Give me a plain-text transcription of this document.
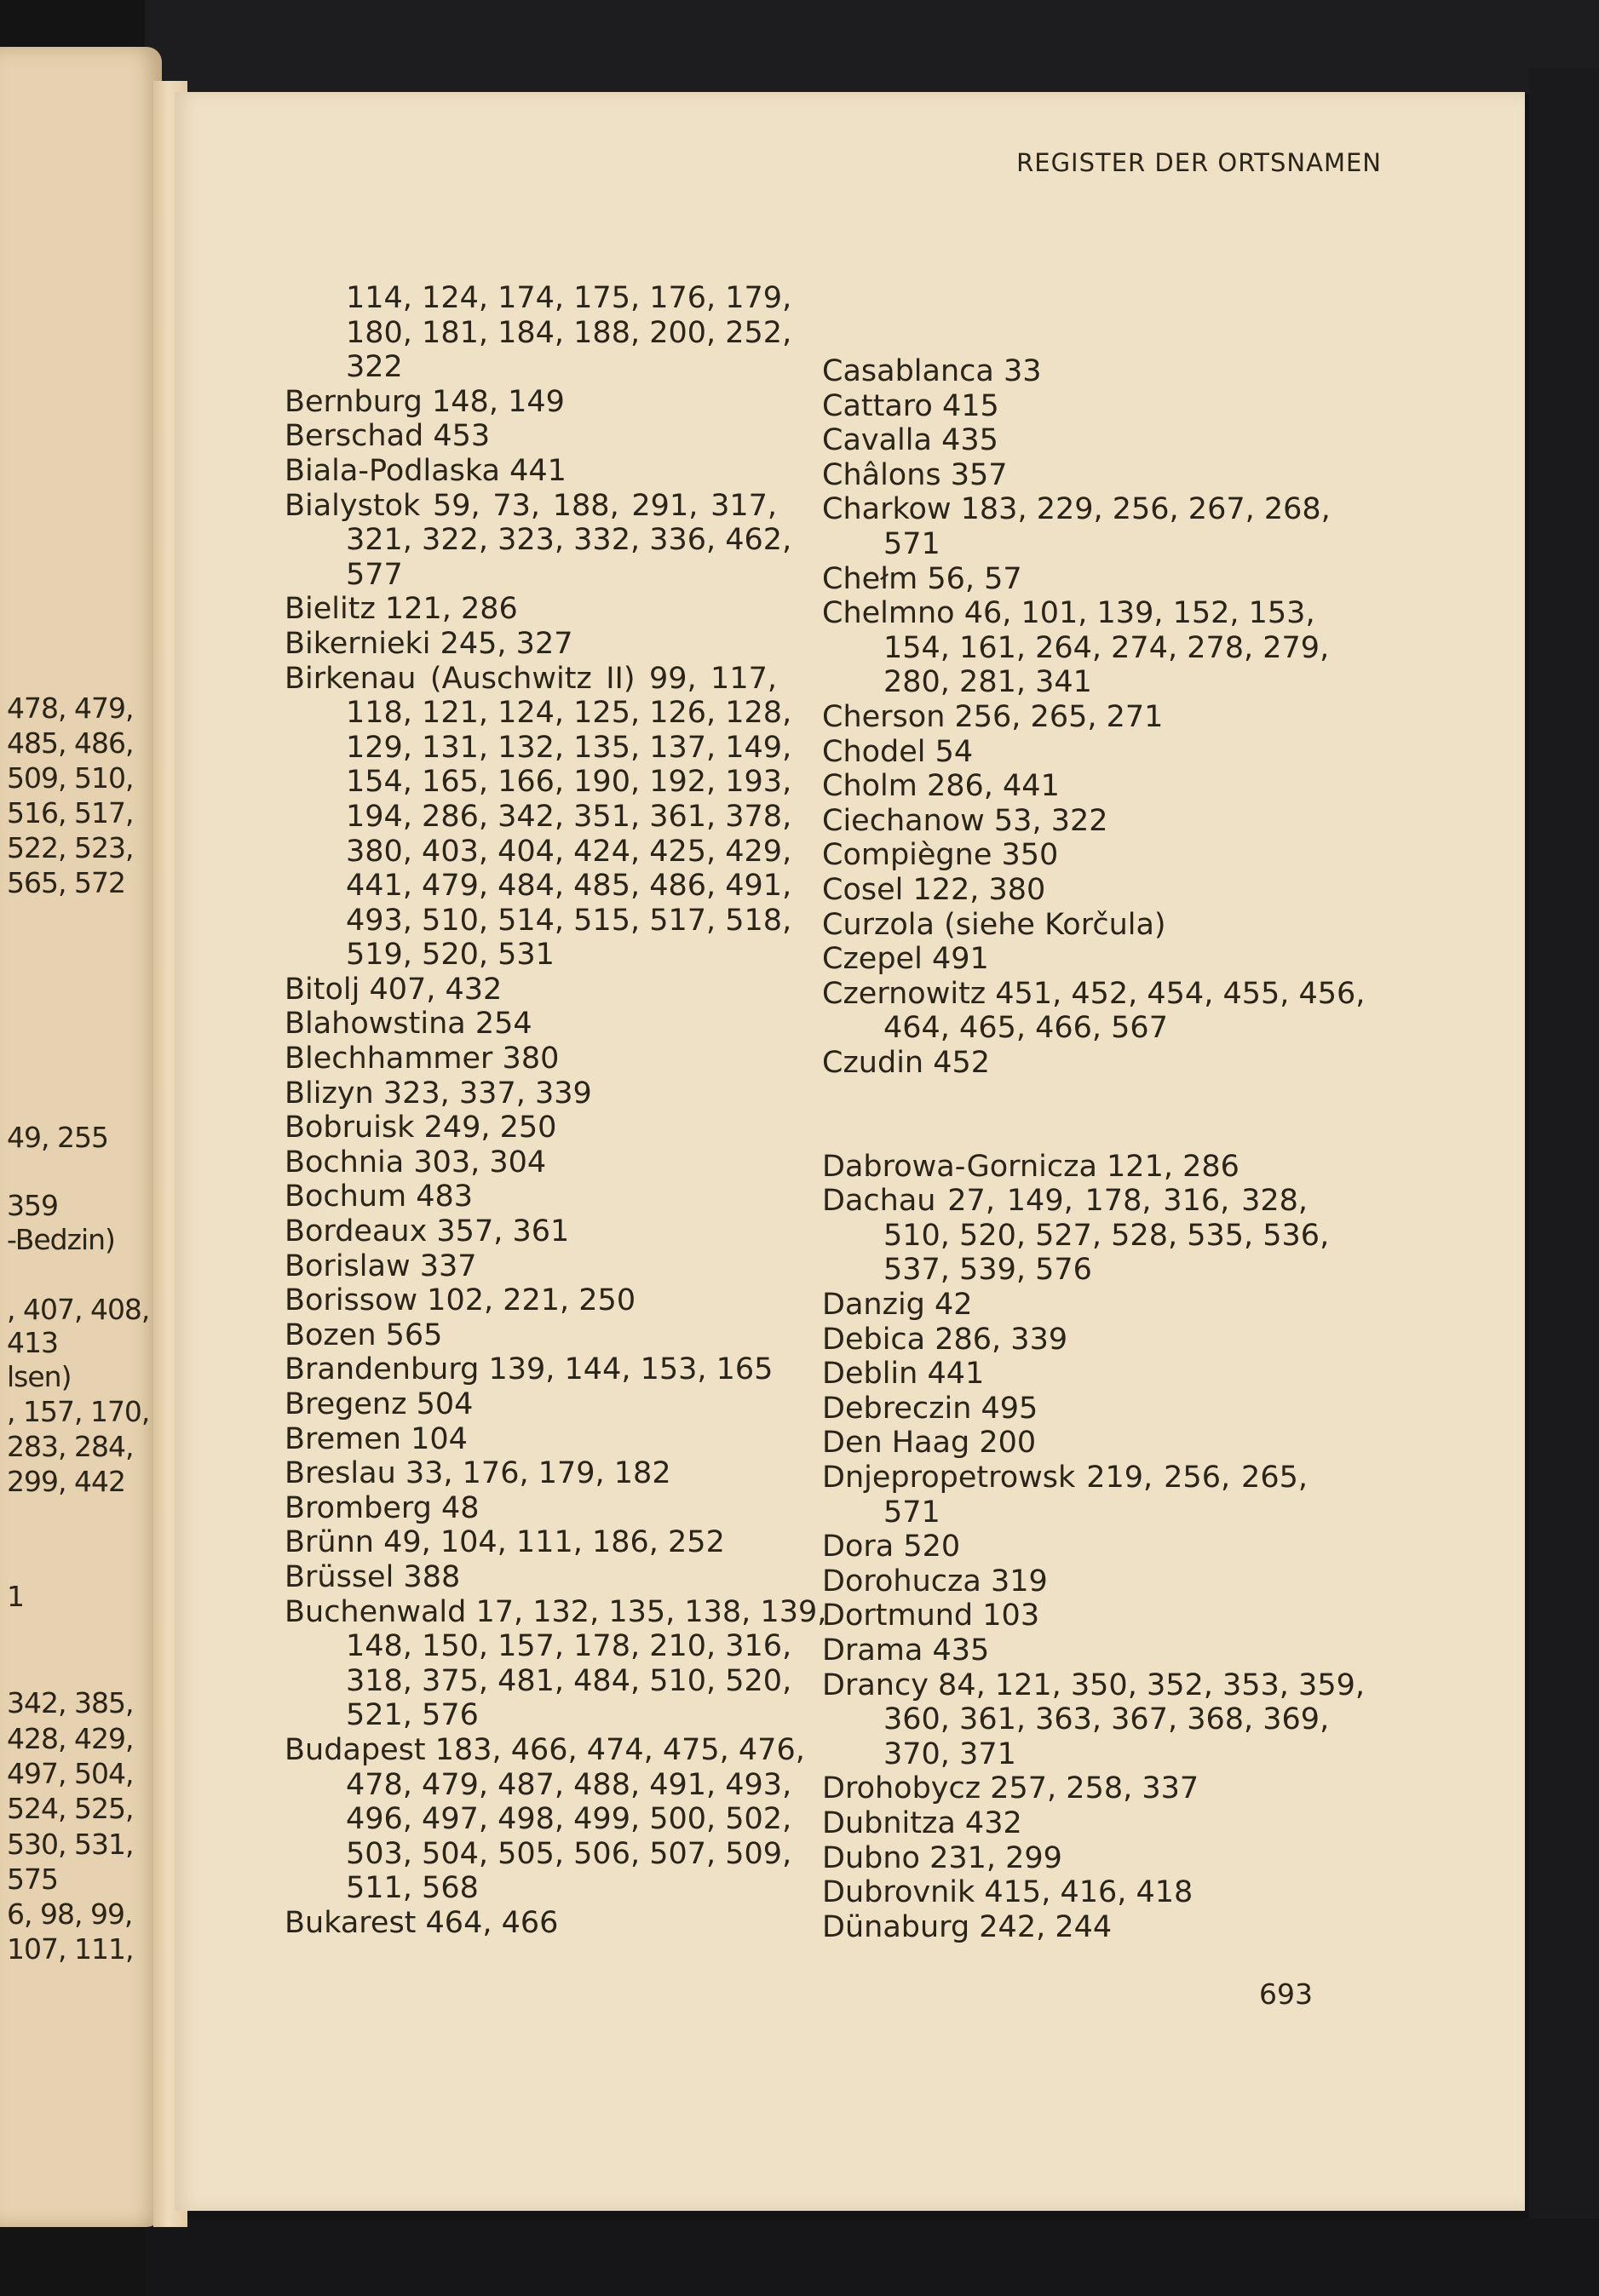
478, 479,
485, 486,
509, 510,
516, 517,
522, 523,
565, 572
49, 255
359
-Bedzin)
, 407, 408,
413
lsen)
, 157, 170,
283, 284,
299, 442
1
342, 385,
428, 429,
497, 504,
524, 525,
530, 531,
575
6, 98, 99,
107, 111,
REGISTER DER ORTSNAMEN
114, 124, 174, 175, 176, 179,
180, 181, 184, 188, 200, 252,
322
Bernburg 148, 149
Berschad 453
Biala-Podlaska 441
Bialystok 59, 73, 188, 291, 317,
321, 322, 323, 332, 336, 462,
577
Bielitz 121, 286
Bikernieki 245, 327
Birkenau (Auschwitz II) 99, 117,
118, 121, 124, 125, 126, 128,
129, 131, 132, 135, 137, 149,
154, 165, 166, 190, 192, 193,
194, 286, 342, 351, 361, 378,
380, 403, 404, 424, 425, 429,
441, 479, 484, 485, 486, 491,
493, 510, 514, 515, 517, 518,
519, 520, 531
Bitolj 407, 432
Blahowstina 254
Blechhammer 380
Blizyn 323, 337, 339
Bobruisk 249, 250
Bochnia 303, 304
Bochum 483
Bordeaux 357, 361
Borislaw 337
Borissow 102, 221, 250
Bozen 565
Brandenburg 139, 144, 153, 165
Bregenz 504
Bremen 104
Breslau 33, 176, 179, 182
Bromberg 48
Brünn 49, 104, 111, 186, 252
Brüssel 388
Buchenwald 17, 132, 135, 138, 139,
148, 150, 157, 178, 210, 316,
318, 375, 481, 484, 510, 520,
521, 576
Budapest 183, 466, 474, 475, 476,
478, 479, 487, 488, 491, 493,
496, 497, 498, 499, 500, 502,
503, 504, 505, 506, 507, 509,
511, 568
Bukarest 464, 466
Casablanca 33
Cattaro 415
Cavalla 435
Châlons 357
Charkow 183, 229, 256, 267, 268,
571
Chełm 56, 57
Chelmno 46, 101, 139, 152, 153,
154, 161, 264, 274, 278, 279,
280, 281, 341
Cherson 256, 265, 271
Chodel 54
Cholm 286, 441
Ciechanow 53, 322
Compiègne 350
Cosel 122, 380
Curzola (siehe Korčula)
Czepel 491
Czernowitz 451, 452, 454, 455, 456,
464, 465, 466, 567
Czudin 452
Dabrowa-Gornicza 121, 286
Dachau 27, 149, 178, 316, 328,
510, 520, 527, 528, 535, 536,
537, 539, 576
Danzig 42
Debica 286, 339
Deblin 441
Debreczin 495
Den Haag 200
Dnjepropetrowsk 219, 256, 265,
571
Dora 520
Dorohucza 319
Dortmund 103
Drama 435
Drancy 84, 121, 350, 352, 353, 359,
360, 361, 363, 367, 368, 369,
370, 371
Drohobycz 257, 258, 337
Dubnitza 432
Dubno 231, 299
Dubrovnik 415, 416, 418
Dünaburg 242, 244
693
